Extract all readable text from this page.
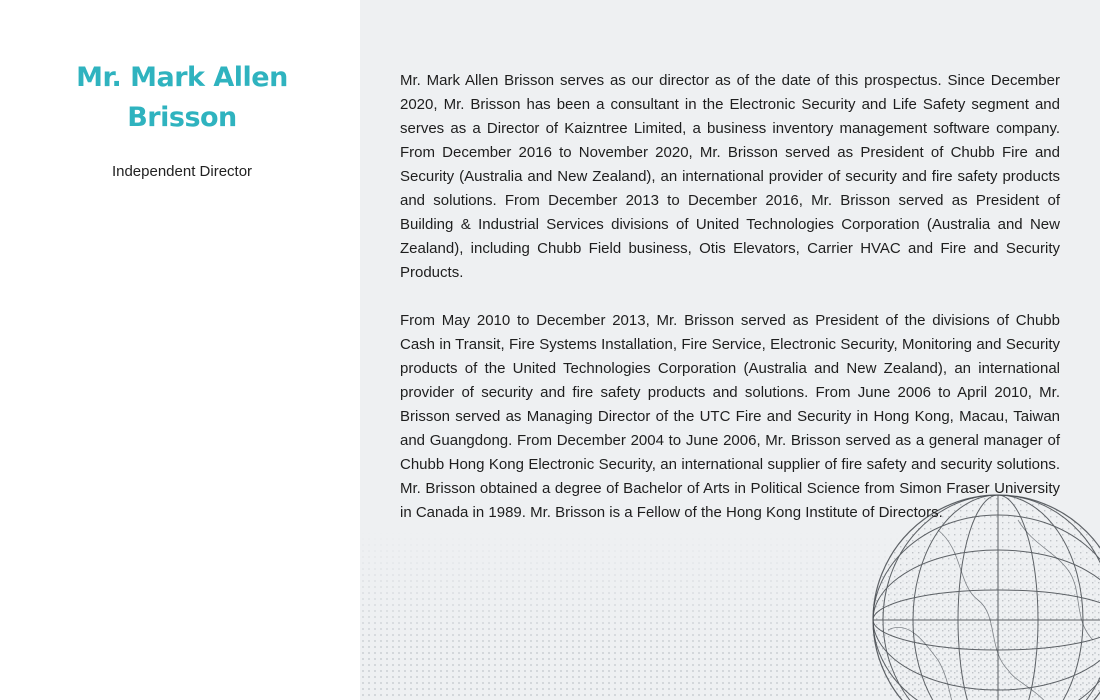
Mr. Mark Allen Brisson
Independent Director

Mr. Mark Allen Brisson serves as our director as of the date of this prospectus. Since December 2020, Mr. Brisson has been a consultant in the Electronic Security and Life Safety segment and serves as a Director of Kaizntree Limited, a business inventory management software company. From December 2016 to November 2020, Mr. Brisson served as President of Chubb Fire and Security (Australia and New Zealand), an international provider of security and fire safety products and solutions. From December 2013 to December 2016, Mr. Brisson served as President of Building & Industrial Services divisions of United Technologies Corporation (Australia and New Zealand), including Chubb Field business, Otis Elevators, Carrier HVAC and Fire and Security Products.

From May 2010 to December 2013, Mr. Brisson served as President of the divisions of Chubb Cash in Transit, Fire Systems Installation, Fire Service, Electronic Security, Monitoring and Security products of the United Technologies Corporation (Australia and New Zealand), an international provider of security and fire safety products and solutions. From June 2006 to April 2010, Mr. Brisson served as Managing Director of the UTC Fire and Security in Hong Kong, Macau, Taiwan and Guangdong. From December 2004 to June 2006, Mr. Brisson served as a general manager of Chubb Hong Kong Electronic Security, an international supplier of fire safety and security solutions. Mr. Brisson obtained a degree of Bachelor of Arts in Political Science from Simon Fraser University in Canada in 1989. Mr. Brisson is a Fellow of the Hong Kong Institute of Directors.
